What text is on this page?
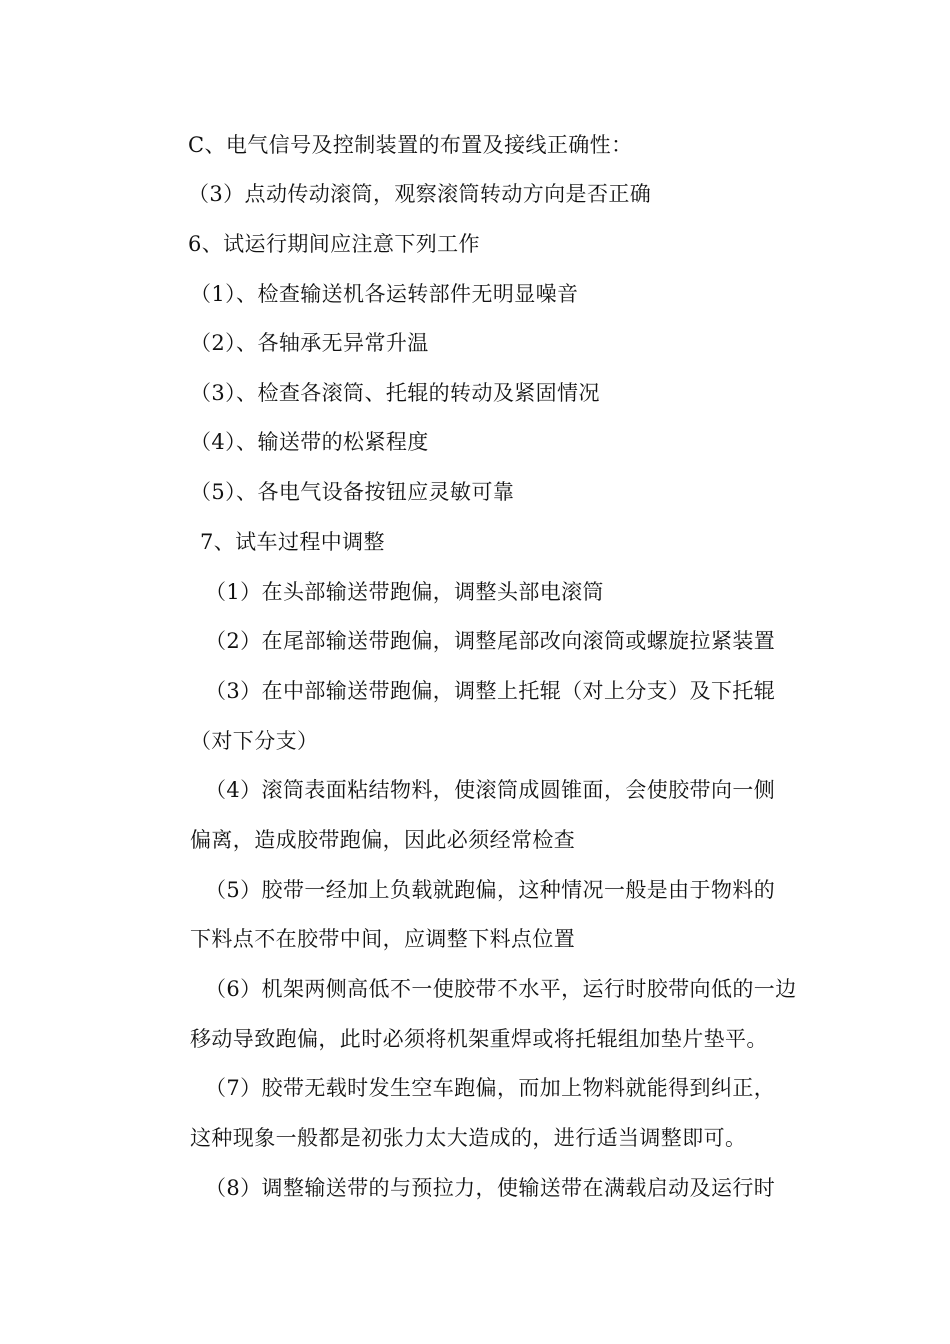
C、电气信号及控制装置的布置及接线正确性：
（3）点动传动滚筒，观察滚筒转动方向是否正确
6、试运行期间应注意下列工作
（1）、检查输送机各运转部件无明显噪音
（2）、各轴承无异常升温
（3）、检查各滚筒、托辊的转动及紧固情况
（4）、输送带的松紧程度
（5）、各电气设备按钮应灵敏可靠
7、试车过程中调整
（1）在头部输送带跑偏，调整头部电滚筒
（2）在尾部输送带跑偏，调整尾部改向滚筒或螺旋拉紧装置
（3）在中部输送带跑偏，调整上托辊（对上分支）及下托辊
（对下分支）
（4）滚筒表面粘结物料，使滚筒成圆锥面，会使胶带向一侧
偏离，造成胶带跑偏，因此必须经常检查
（5）胶带一经加上负载就跑偏，这种情况一般是由于物料的
下料点不在胶带中间，应调整下料点位置
（6）机架两侧高低不一使胶带不水平，运行时胶带向低的一边
移动导致跑偏，此时必须将机架重焊或将托辊组加垫片垫平。
（7）胶带无载时发生空车跑偏，而加上物料就能得到纠正，
这种现象一般都是初张力太大造成的，进行适当调整即可。
（8）调整输送带的与预拉力，使输送带在满载启动及运行时
